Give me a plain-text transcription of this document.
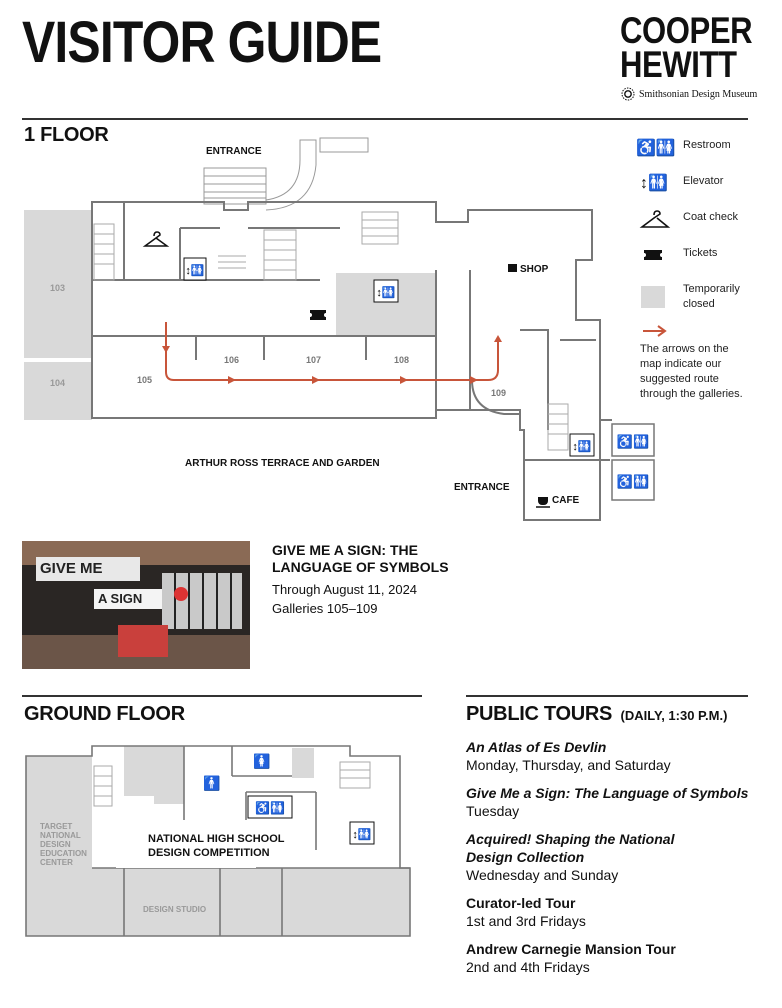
VISITOR GUIDE	COOPER
HEWITT
Smithsonian Design Museum
1 FLOOR
↕🚻
↕🚻
↕🚻 ♿🚻
♿🚻
ENTRANCE
ARTHUR ROSS TERRACE AND GARDEN
ENTRANCE
SHOP
CAFE
103
104	105
106	107	108
109
♿🚻 Restroom
↕🚻 Elevator
Coat check
Tickets
Temporarily closed
The arrows on the map indicate our suggested route through the galleries.
GIVE ME
A SIGN
GIVE ME A SIGN: THE
LANGUAGE OF SYMBOLS
Through August 11, 2024
Galleries 105–109
GROUND FLOOR
🚹
🚺
♿🚻
↕🚻
TARGET
NATIONAL
DESIGN
EDUCATION
CENTER
NATIONAL HIGH SCHOOL
DESIGN COMPETITION
DESIGN STUDIO
PUBLIC TOURS (DAILY, 1:30 P.M.)
An Atlas of Es Devlin
Monday, Thursday, and Saturday
Give Me a Sign: The Language of Symbols
Tuesday
Acquired! Shaping the National Design Collection
Wednesday and Sunday
Curator-led Tour
1st and 3rd Fridays
Andrew Carnegie Mansion Tour
2nd and 4th Fridays
